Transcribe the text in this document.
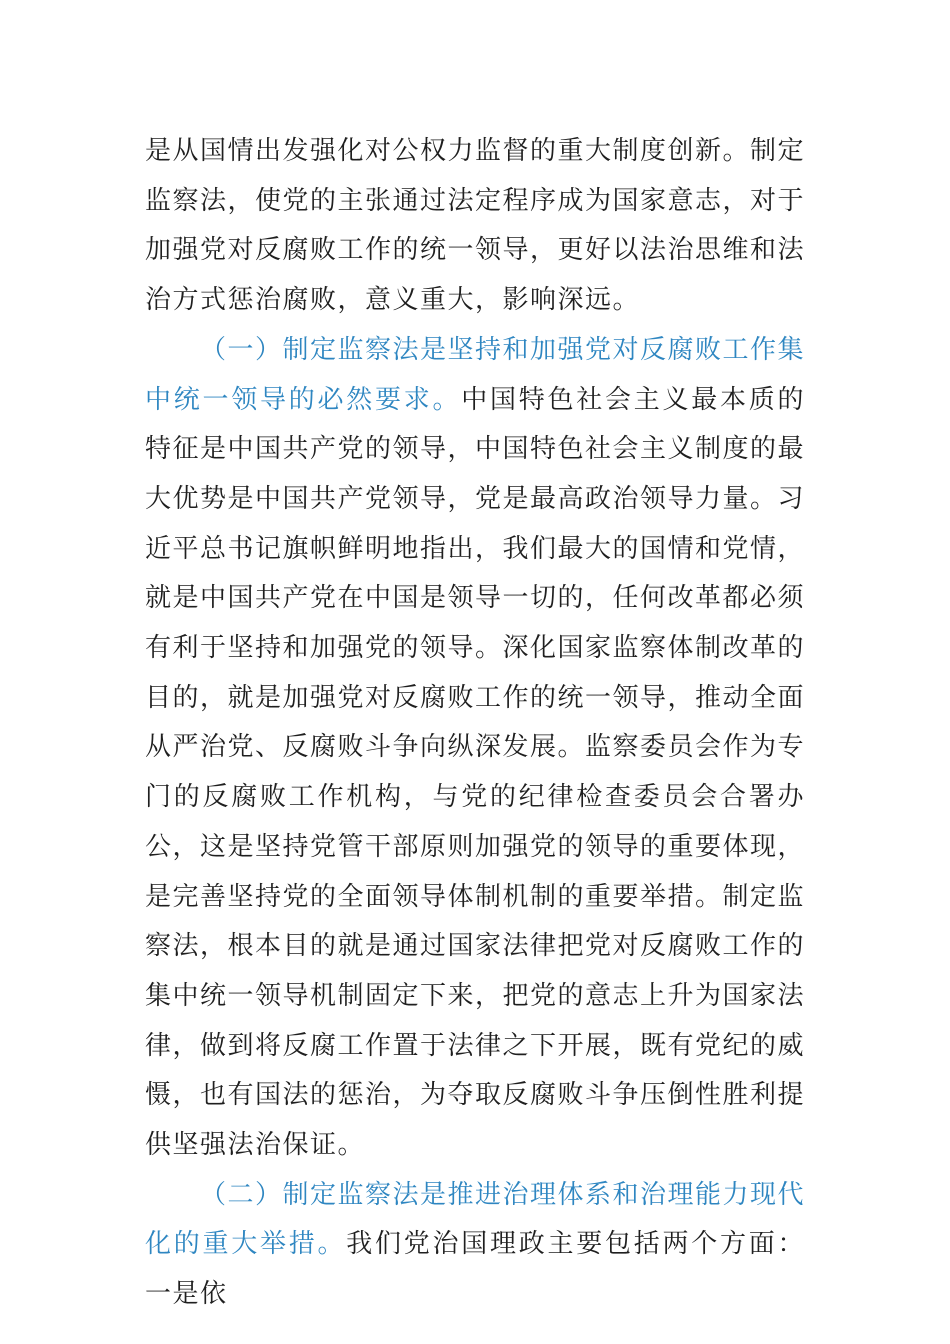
是从国情出发强化对公权力监督的重大制度创新。制定监察法，使党的主张通过法定程序成为国家意志，对于加强党对反腐败工作的统一领导，更好以法治思维和法治方式惩治腐败，意义重大，影响深远。

（一）制定监察法是坚持和加强党对反腐败工作集中统一领导的必然要求。中国特色社会主义最本质的特征是中国共产党的领导，中国特色社会主义制度的最大优势是中国共产党领导，党是最高政治领导力量。习近平总书记旗帜鲜明地指出，我们最大的国情和党情，就是中国共产党在中国是领导一切的，任何改革都必须有利于坚持和加强党的领导。深化国家监察体制改革的目的，就是加强党对反腐败工作的统一领导，推动全面从严治党、反腐败斗争向纵深发展。监察委员会作为专门的反腐败工作机构，与党的纪律检查委员会合署办公，这是坚持党管干部原则加强党的领导的重要体现，是完善坚持党的全面领导体制机制的重要举措。制定监察法，根本目的就是通过国家法律把党对反腐败工作的集中统一领导机制固定下来，把党的意志上升为国家法律，做到将反腐工作置于法律之下开展，既有党纪的威慑，也有国法的惩治，为夺取反腐败斗争压倒性胜利提供坚强法治保证。

（二）制定监察法是推进治理体系和治理能力现代化的重大举措。我们党治国理政主要包括两个方面：一是依
